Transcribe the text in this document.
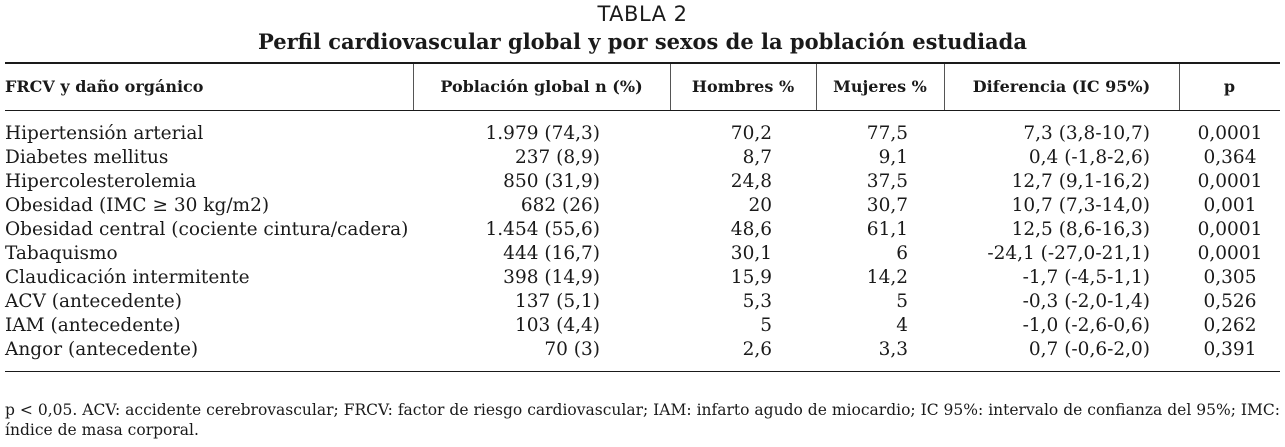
TABLA 2
Perfil cardiovascular global y por sexos de la población estudiada
FRCV y daño orgánico	Población global n (%)	Hombres %	Mujeres %	Diferencia (IC 95%)	p
Hipertensión arterial	1.979 (74,3)	70,2	77,5	7,3 (3,8-10,7)	0,0001
Diabetes mellitus	237 (8,9)	8,7	9,1	0,4 (-1,8-2,6)	0,364
Hipercolesterolemia	850 (31,9)	24,8	37,5	12,7 (9,1-16,2)	0,0001
Obesidad (IMC ≥ 30 kg/m2)	682 (26)	20	30,7	10,7 (7,3-14,0)	0,001
Obesidad central (cociente cintura/cadera)	1.454 (55,6)	48,6	61,1	12,5 (8,6-16,3)	0,0001
Tabaquismo	444 (16,7)	30,1	6	-24,1 (-27,0-21,1)	0,0001
Claudicación intermitente	398 (14,9)	15,9	14,2	-1,7 (-4,5-1,1)	0,305
ACV (antecedente)	137 (5,1)	5,3	5	-0,3 (-2,0-1,4)	0,526
IAM (antecedente)	103 (4,4)	5	4	-1,0 (-2,6-0,6)	0,262
Angor (antecedente)	70 (3)	2,6	3,3	0,7 (-0,6-2,0)	0,391
p < 0,05. ACV: accidente cerebrovascular; FRCV: factor de riesgo cardiovascular; IAM: infarto agudo de miocardio; IC 95%: intervalo de confianza del 95%; IMC: índice de masa corporal.
